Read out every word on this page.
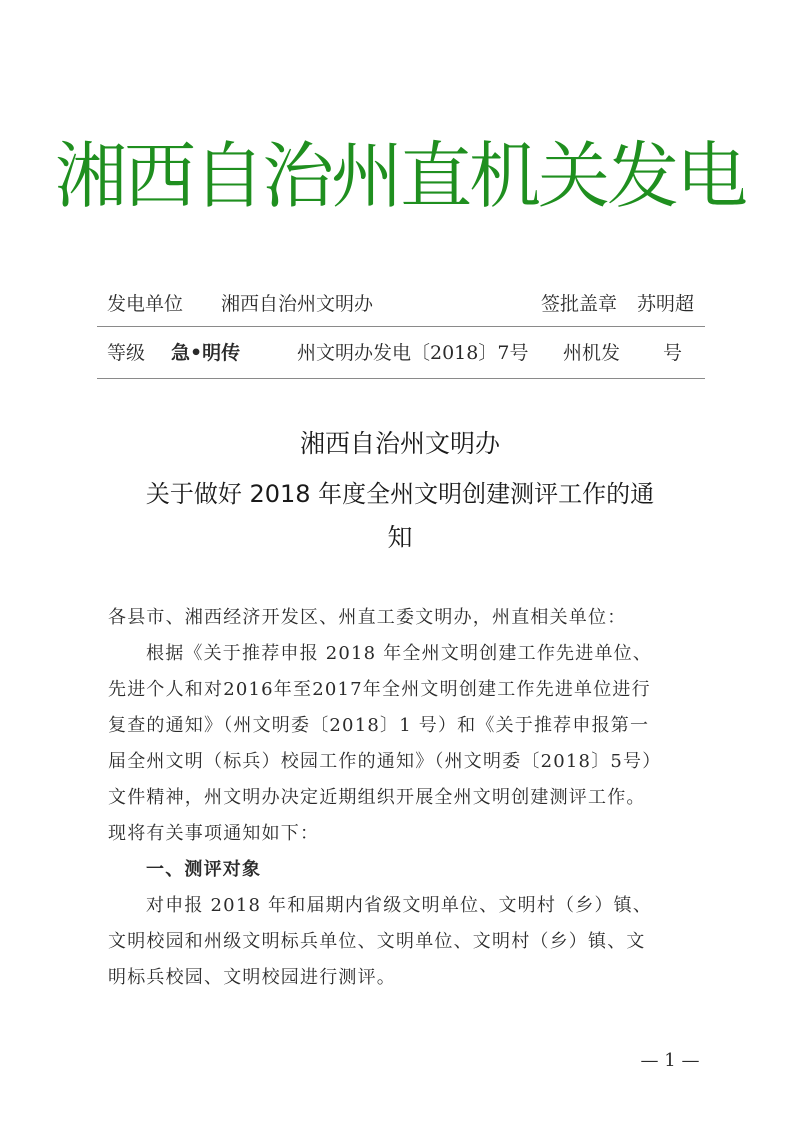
湘西自治州直机关发电
发电单位 湘西自治州文明办	签批盖章 苏明超
等级 急•明传	州文明办发电〔2018〕7号 州机发 号
湘西自治州文明办
关于做好 2018 年度全州文明创建测评工作的通
知
各县市、湘西经济开发区、州直工委文明办，州直相关单位：
根据《关于推荐申报 2018 年全州文明创建工作先进单位、
先进个人和对2016年至2017年全州文明创建工作先进单位进行
复查的通知》（州文明委〔2018〕1 号）和《关于推荐申报第一
届全州文明（标兵）校园工作的通知》（州文明委〔2018〕5号）
文件精神，州文明办决定近期组织开展全州文明创建测评工作。
现将有关事项通知如下：
一、测评对象
对申报 2018 年和届期内省级文明单位、文明村（乡）镇、
文明校园和州级文明标兵单位、文明单位、文明村（乡）镇、文
明标兵校园、文明校园进行测评。
— 1 —
